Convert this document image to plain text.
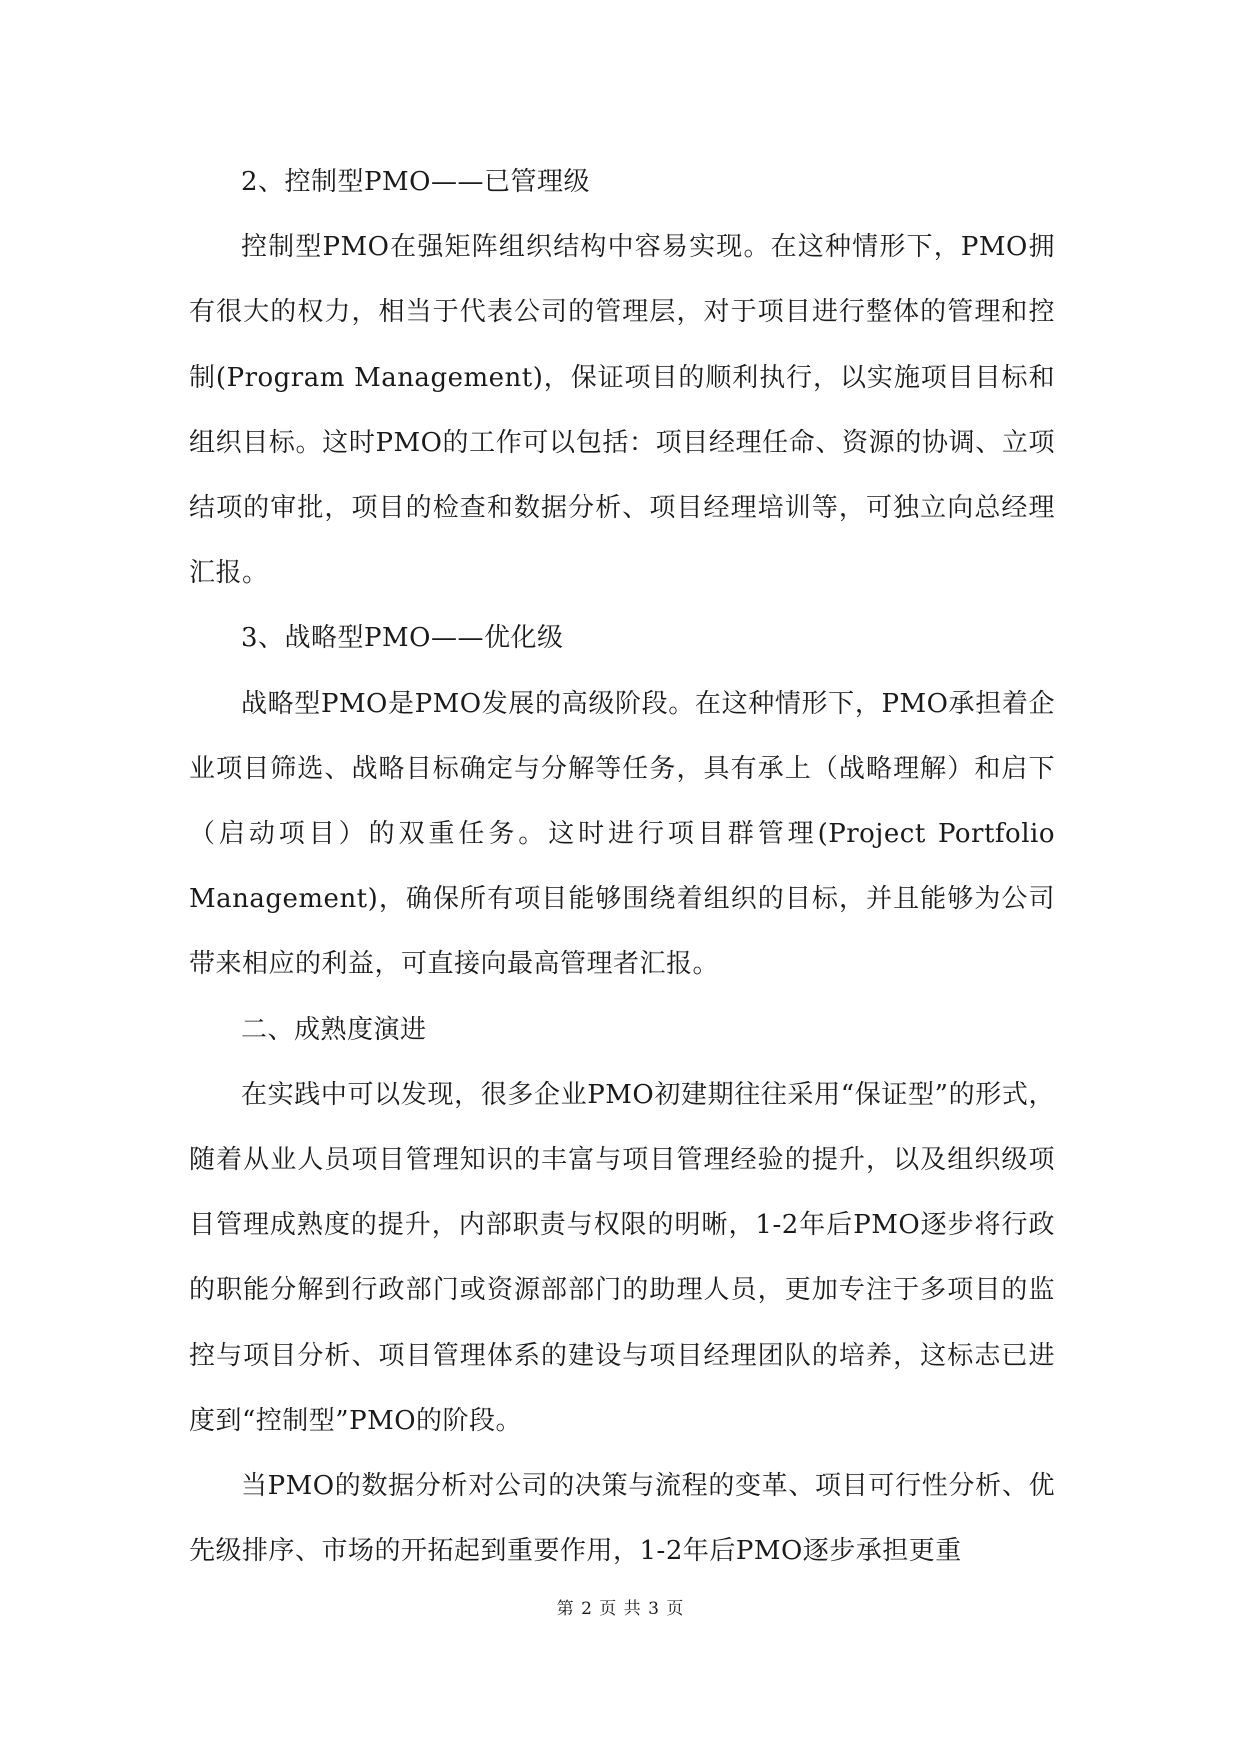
2、控制型PMO——已管理级

控制型PMO在强矩阵组织结构中容易实现。在这种情形下，PMO拥有很大的权力，相当于代表公司的管理层，对于项目进行整体的管理和控制(Program Management)，保证项目的顺利执行，以实施项目目标和组织目标。这时PMO的工作可以包括：项目经理任命、资源的协调、立项结项的审批，项目的检查和数据分析、项目经理培训等，可独立向总经理汇报。

3、战略型PMO——优化级

战略型PMO是PMO发展的高级阶段。在这种情形下，PMO承担着企业项目筛选、战略目标确定与分解等任务，具有承上（战略理解）和启下（启动项目）的双重任务。这时进行项目群管理(Project Portfolio Management)，确保所有项目能够围绕着组织的目标，并且能够为公司带来相应的利益，可直接向最高管理者汇报。

二、成熟度演进

在实践中可以发现，很多企业PMO初建期往往采用“保证型”的形式，随着从业人员项目管理知识的丰富与项目管理经验的提升，以及组织级项目管理成熟度的提升，内部职责与权限的明晰，1-2年后PMO逐步将行政的职能分解到行政部门或资源部部门的助理人员，更加专注于多项目的监控与项目分析、项目管理体系的建设与项目经理团队的培养，这标志已进度到“控制型”PMO的阶段。

当PMO的数据分析对公司的决策与流程的变革、项目可行性分析、优先级排序、市场的开拓起到重要作用，1-2年后PMO逐步承担更重

第 2 页 共 3 页
